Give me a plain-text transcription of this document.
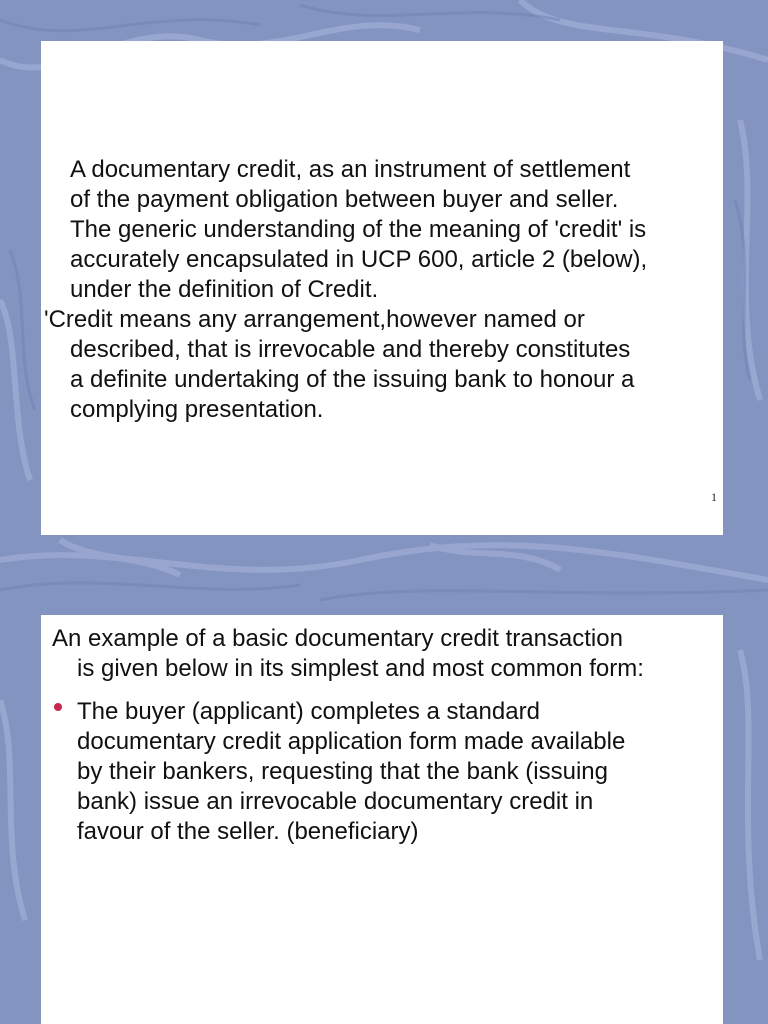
A documentary credit, as an instrument of settlement
of the payment obligation between buyer and seller.
The generic understanding of the meaning of 'credit' is
accurately encapsulated in UCP 600, article 2 (below),
under the definition of Credit.
'Credit means any arrangement,however named or
described, that is irrevocable and thereby constitutes
a definite undertaking of the issuing bank to honour a
complying presentation.
1
An example of a basic documentary credit transaction
is given below in its simplest and most common form:
The buyer (applicant) completes a standard
documentary credit application form made available
by their bankers, requesting that the bank (issuing
bank) issue an irrevocable documentary credit in
favour of the seller. (beneficiary)
